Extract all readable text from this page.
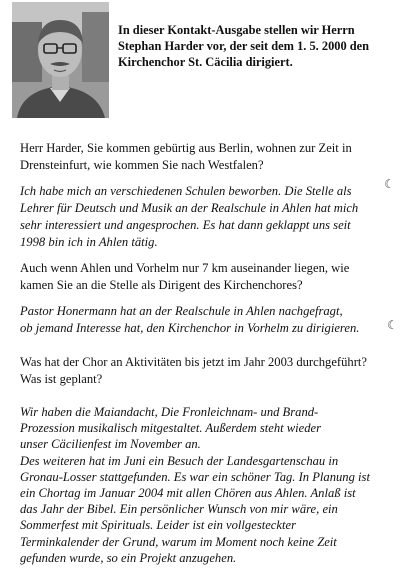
In dieser Kontakt-Ausgabe stellen wir Herrn
Stephan Harder vor, der seit dem 1. 5. 2000 den
Kirchenchor St. Cäcilia dirigiert.
Herr Harder, Sie kommen gebürtig aus Berlin, wohnen zur Zeit in
Drensteinfurt, wie kommen Sie nach Westfalen?
Ich habe mich an verschiedenen Schulen beworben. Die Stelle als
Lehrer für Deutsch und Musik an der Realschule in Ahlen hat mich
sehr interessiert und angesprochen. Es hat dann geklappt uns seit
1998 bin ich in Ahlen tätig.
☾
Auch wenn Ahlen und Vorhelm nur 7 km auseinander liegen, wie
kamen Sie an die Stelle als Dirigent des Kirchenchores?
Pastor Honermann hat an der Realschule in Ahlen nachgefragt,
ob jemand Interesse hat, den Kirchenchor in Vorhelm zu dirigieren.	☾
Was hat der Chor an Aktivitäten bis jetzt im Jahr 2003 durchgeführt?
Was ist geplant?
Wir haben die Maiandacht, Die Fronleichnam- und Brand-
Prozession musikalisch mitgestaltet. Außerdem steht wieder
unser Cäcilienfest im November an.
Des weiteren hat im Juni ein Besuch der Landesgartenschau in
Gronau-Losser stattgefunden. Es war ein schöner Tag. In Planung ist
ein Chortag im Januar 2004 mit allen Chören aus Ahlen. Anlaß ist
das Jahr der Bibel. Ein persönlicher Wunsch von mir wäre, ein
Sommerfest mit Spirituals. Leider ist ein vollgesteckter
Terminkalender der Grund, warum im Moment noch keine Zeit
gefunden wurde, so ein Projekt anzugehen.
